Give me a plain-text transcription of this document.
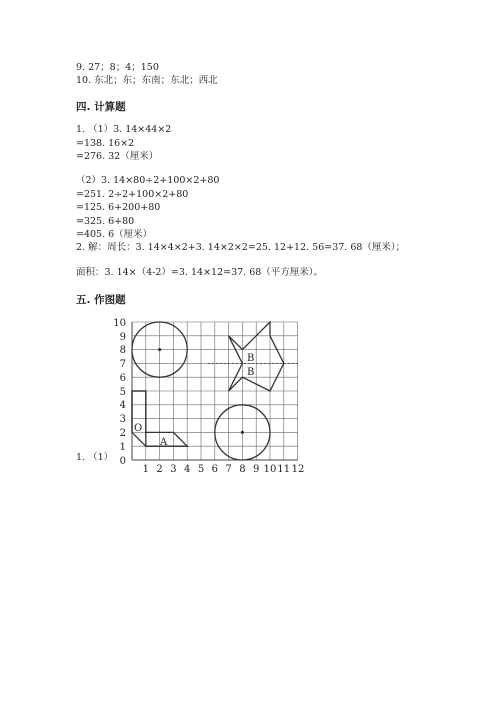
9. 27；8；4；150
10. 东北；东；东南；东北；西北
四. 计算题
1. （1）3. 14×44×2
=138. 16×2
=276. 32（厘米）
（2）3. 14×80÷2+100×2+80
=251. 2÷2+100×2+80
=125. 6+200+80
=325. 6+80
=405. 6（厘米）
2. 解：周长：3. 14×4×2+3. 14×2×2=25. 12+12. 56=37. 68（厘米）；
面积：3. 14×（4-2）=3. 14×12=37. 68（平方厘米）。
五. 作图题
1. （1）
O
A
B
B
0
1
2
3
4
5
6
7
8
9
10
1 2 3 4 5 6 7 8 9 10 11 12
